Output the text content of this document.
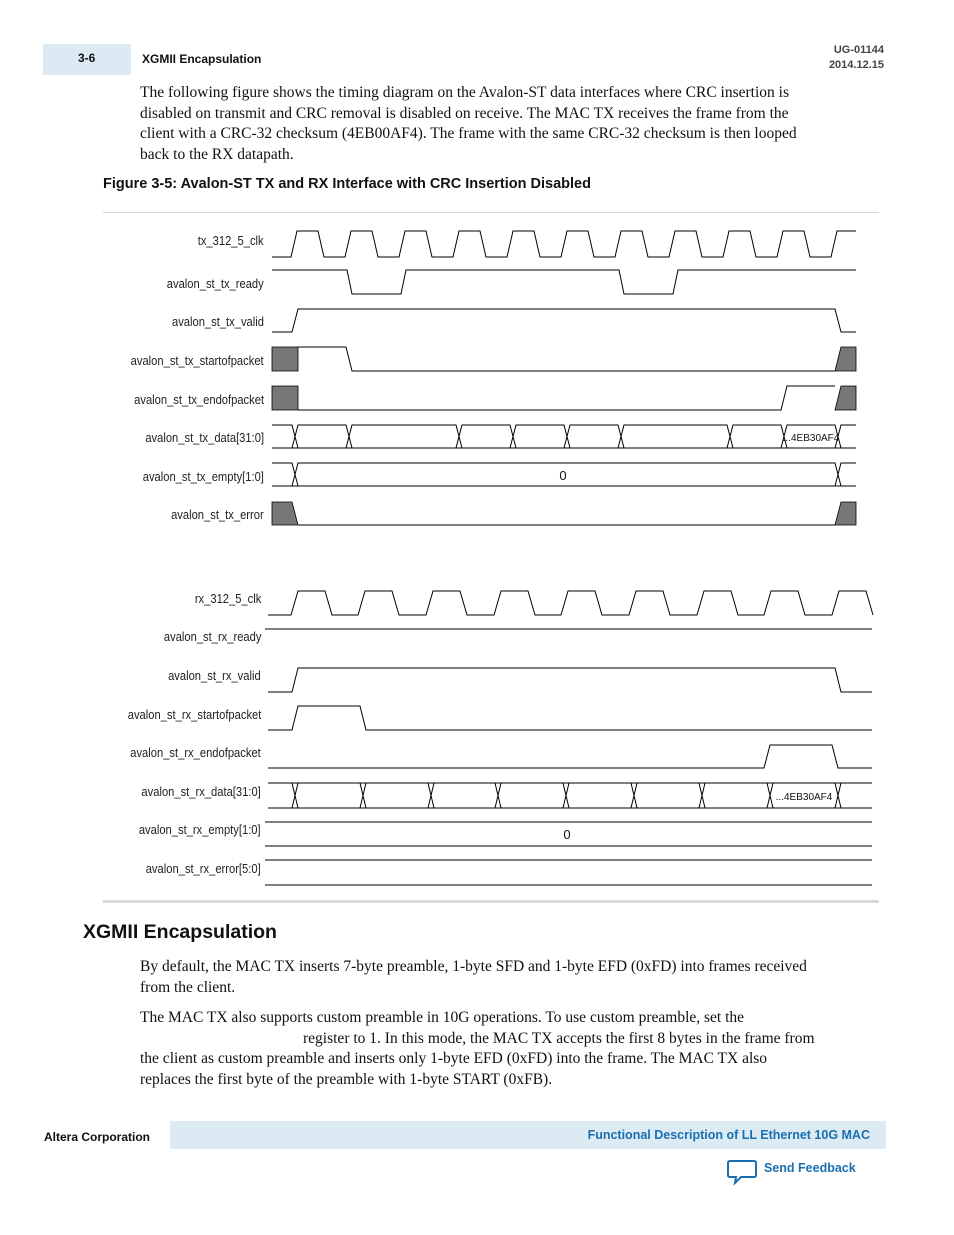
3-6	XGMII Encapsulation
UG-01144
2014.12.15
The following figure shows the timing diagram on the Avalon-ST data interfaces where CRC insertion is
disabled on transmit and CRC removal is disabled on receive. The MAC TX receives the frame from the
client with a CRC-32 checksum (4EB00AF4). The frame with the same CRC-32 checksum is then looped
back to the RX datapath.
Figure 3-5: Avalon-ST TX and RX Interface with CRC Insertion Disabled
tx_312_5_clk
avalon_st_tx_ready
avalon_st_tx_valid
avalon_st_tx_startofpacket
avalon_st_tx_endofpacket
avalon_st_tx_data[31:0]
avalon_st_tx_empty[1:0]
avalon_st_tx_error
rx_312_5_clk
avalon_st_rx_ready
avalon_st_rx_valid
avalon_st_rx_startofpacket
avalon_st_rx_endofpacket
avalon_st_rx_data[31:0]
avalon_st_rx_empty[1:0]
avalon_st_rx_error[5:0]
...4EB30AF4
0
...4EB30AF4
0
XGMII Encapsulation
By default, the MAC TX inserts 7-byte preamble, 1-byte SFD and 1-byte EFD (0xFD) into frames received
from the client.
The MAC TX also supports custom preamble in 10G operations. To use custom preamble, set the
register to 1. In this mode, the MAC TX accepts the first 8 bytes in the frame from
the client as custom preamble and inserts only 1-byte EFD (0xFD) into the frame. The MAC TX also
replaces the first byte of the preamble with 1-byte START (0xFB).
Altera Corporation	Functional Description of LL Ethernet 10G MAC
Send Feedback
